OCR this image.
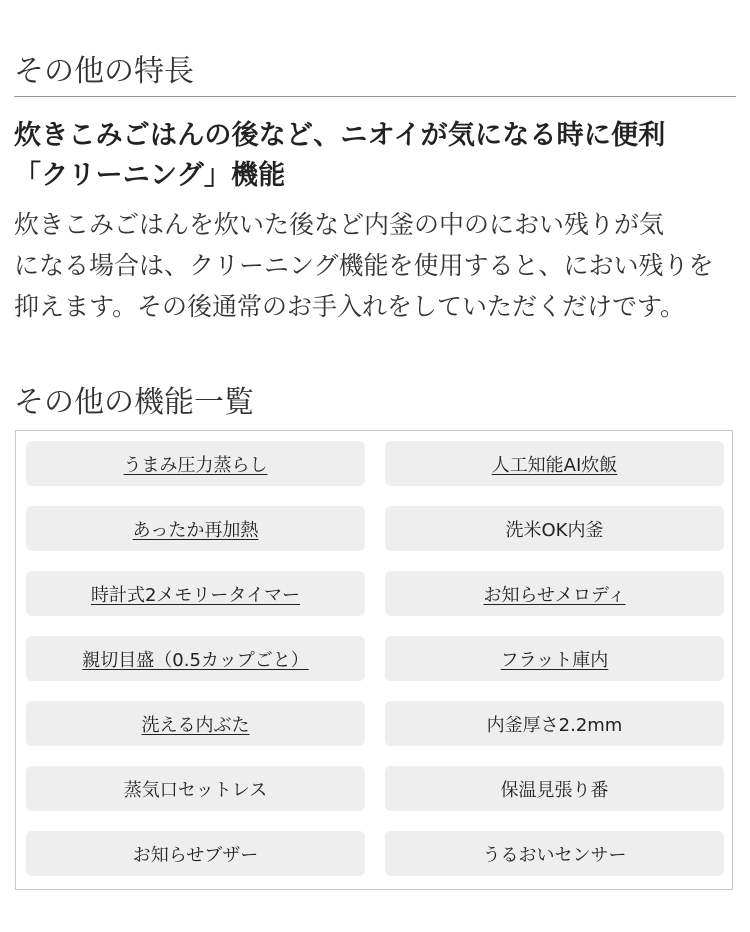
その他の特長
炊きこみごはんの後など、ニオイが気になる時に便利
「クリーニング」機能

炊きこみごはんを炊いた後など内釜の中のにおい残りが気
になる場合は、クリーニング機能を使用すると、におい残りを
抑えます。その後通常のお手入れをしていただくだけです。

その他の機能一覧
うまみ圧力蒸らし	人工知能AI炊飯
あったか再加熱	洗米OK内釜
時計式2メモリータイマー	お知らせメロディ
親切目盛（0.5カップごと）	フラット庫内
洗える内ぶた	内釜厚さ2.2mm
蒸気口セットレス	保温見張り番
お知らせブザー	うるおいセンサー
